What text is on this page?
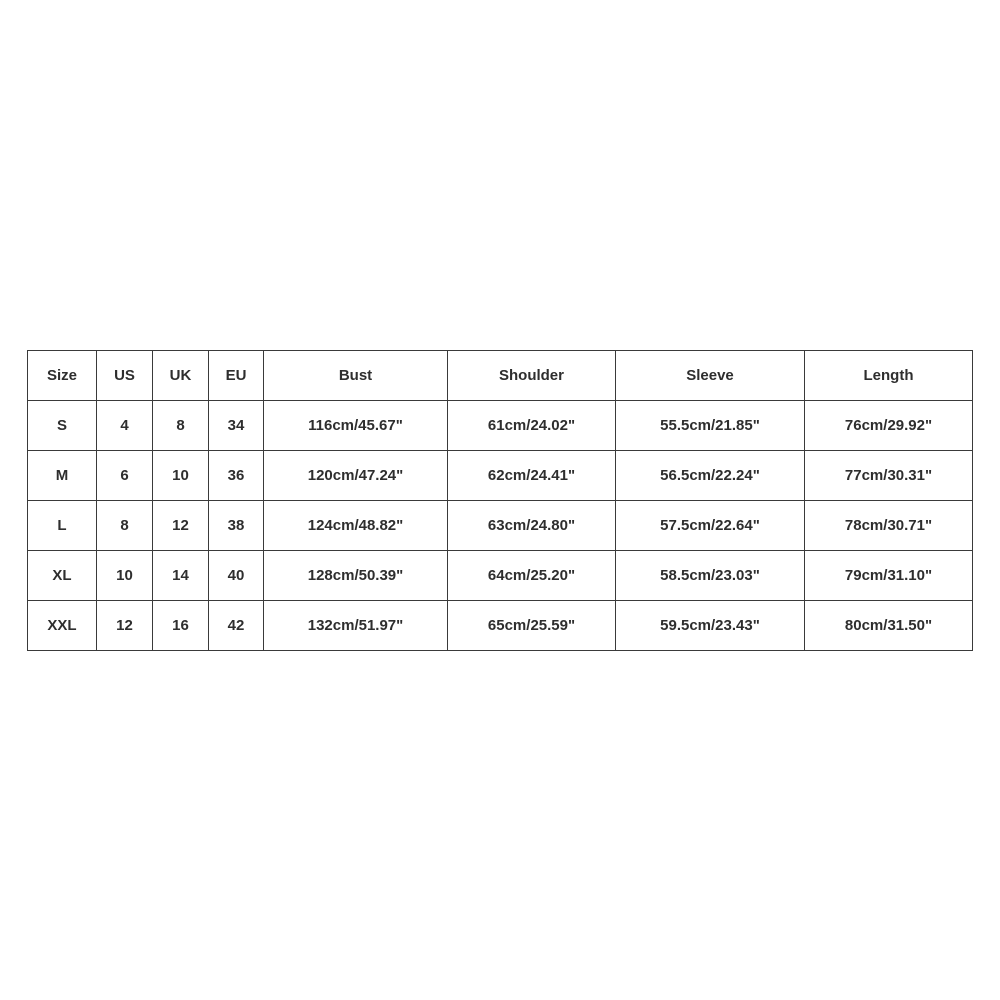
Size	US	UK	EU	Bust	Shoulder	Sleeve	Length
S	4	8	34	116cm/45.67"	61cm/24.02"	55.5cm/21.85"	76cm/29.92"
M	6	10	36	120cm/47.24"	62cm/24.41"	56.5cm/22.24"	77cm/30.31"
L	8	12	38	124cm/48.82"	63cm/24.80"	57.5cm/22.64"	78cm/30.71"
XL	10	14	40	128cm/50.39"	64cm/25.20"	58.5cm/23.03"	79cm/31.10"
XXL	12	16	42	132cm/51.97"	65cm/25.59"	59.5cm/23.43"	80cm/31.50"
